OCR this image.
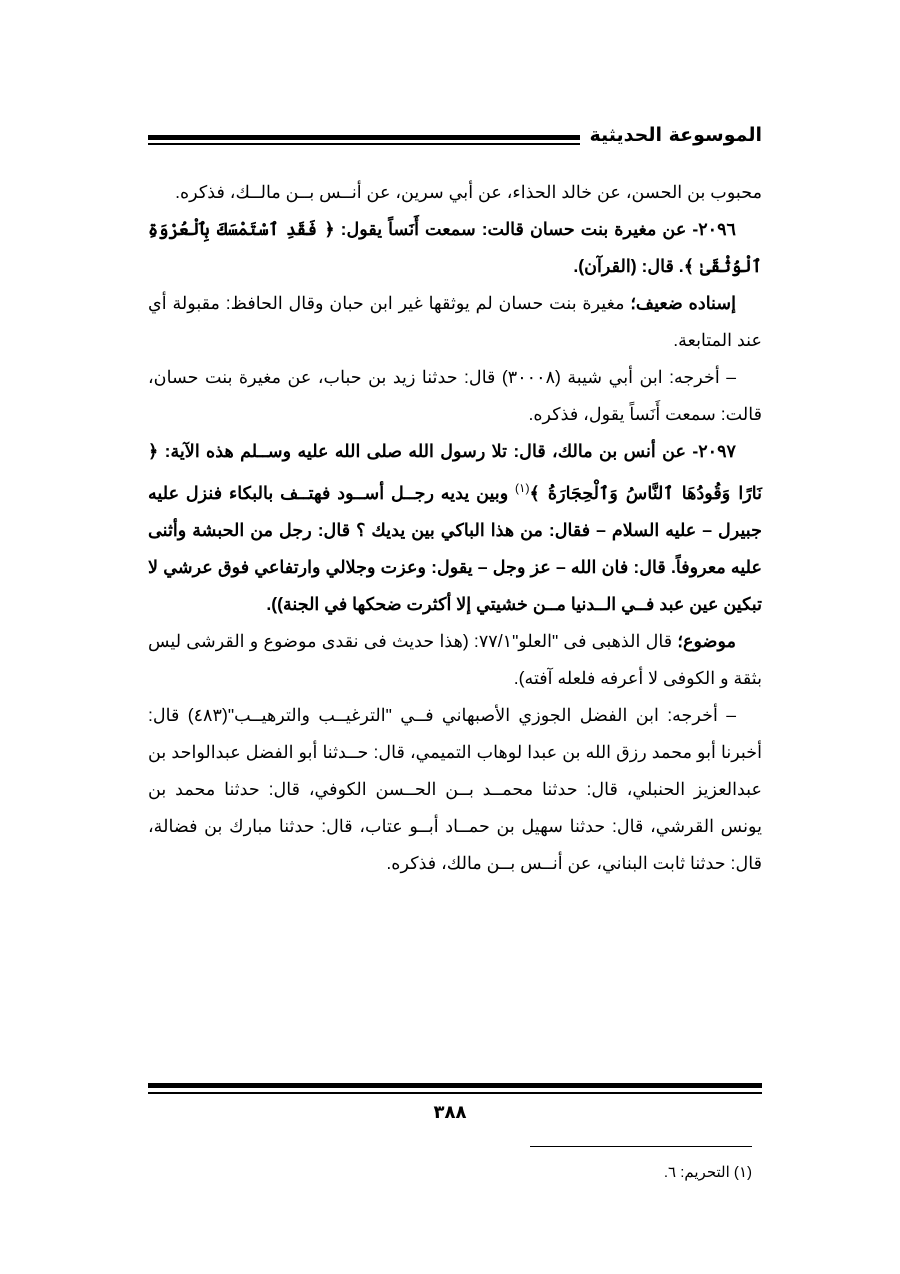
الموسوعة الحديثية

محبوب بن الحسن، عن خالد الحذاء، عن أبي سرين، عن أنــس بــن مالــك، فذكره.

٢٠٩٦- عن مغيرة بنت حسان قالت: سمعت أَنَساً يقول: ﴿ فَقَدِ ٱسْتَمْسَكَ بِٱلْعُرْوَةِ ٱلْوُثْقَىٰ ﴾. قال: (القرآن).

إسناده ضعيف؛ مغيرة بنت حسان لم يوثقها غير ابن حبان وقال الحافظ: مقبولة أي عند المتابعة.

– أخرجه: ابن أبي شيبة (٣٠٠٠٨) قال: حدثنا زيد بن حباب، عن مغيرة بنت حسان، قالت: سمعت أَنَساً يقول، فذكره.

٢٠٩٧- عن أنس بن مالك، قال: تلا رسول الله صلى الله عليه وســلم هذه الآية: ﴿ نَارًا وَقُودُهَا ٱلنَّاسُ وَٱلْحِجَارَةُ ﴾$^{(١)}$ وبين يديه رجــل أســود فهتــف بالبكاء فنزل عليه جبيرل – عليه السلام – فقال: من هذا الباكي بين يديك ؟ قال: رجل من الحبشة وأثنى عليه معروفاً. قال: فان الله – عز وجل – يقول: وعزت وجلالي وارتفاعي فوق عرشي لا تبكين عين عبد فــي الــدنيا مــن خشيتي إلا أكثرت ضحكها في الجنة)).

موضوع؛ قال الذهبى فى "العلو"٧٧/١: (هذا حديث فى نقدى موضوع و القرشى ليس بثقة و الكوفى لا أعرفه فلعله آفته).

– أخرجه: ابن الفضل الجوزي الأصبهاني فــي "الترغيــب والترهيــب"(٤٨٣) قال: أخبرنا أبو محمد رزق الله بن عبدا لوهاب التميمي، قال: حــدثنا أبو الفضل عبدالواحد بن عبدالعزيز الحنبلي، قال: حدثنا محمــد بــن الحــسن الكوفي، قال: حدثنا محمد بن يونس القرشي، قال: حدثنا سهيل بن حمــاد أبــو عتاب، قال: حدثنا مبارك بن فضالة، قال: حدثنا ثابت البناني، عن أنــس بــن مالك، فذكره.

(١) التحريم: ٦.
٣٨٨
